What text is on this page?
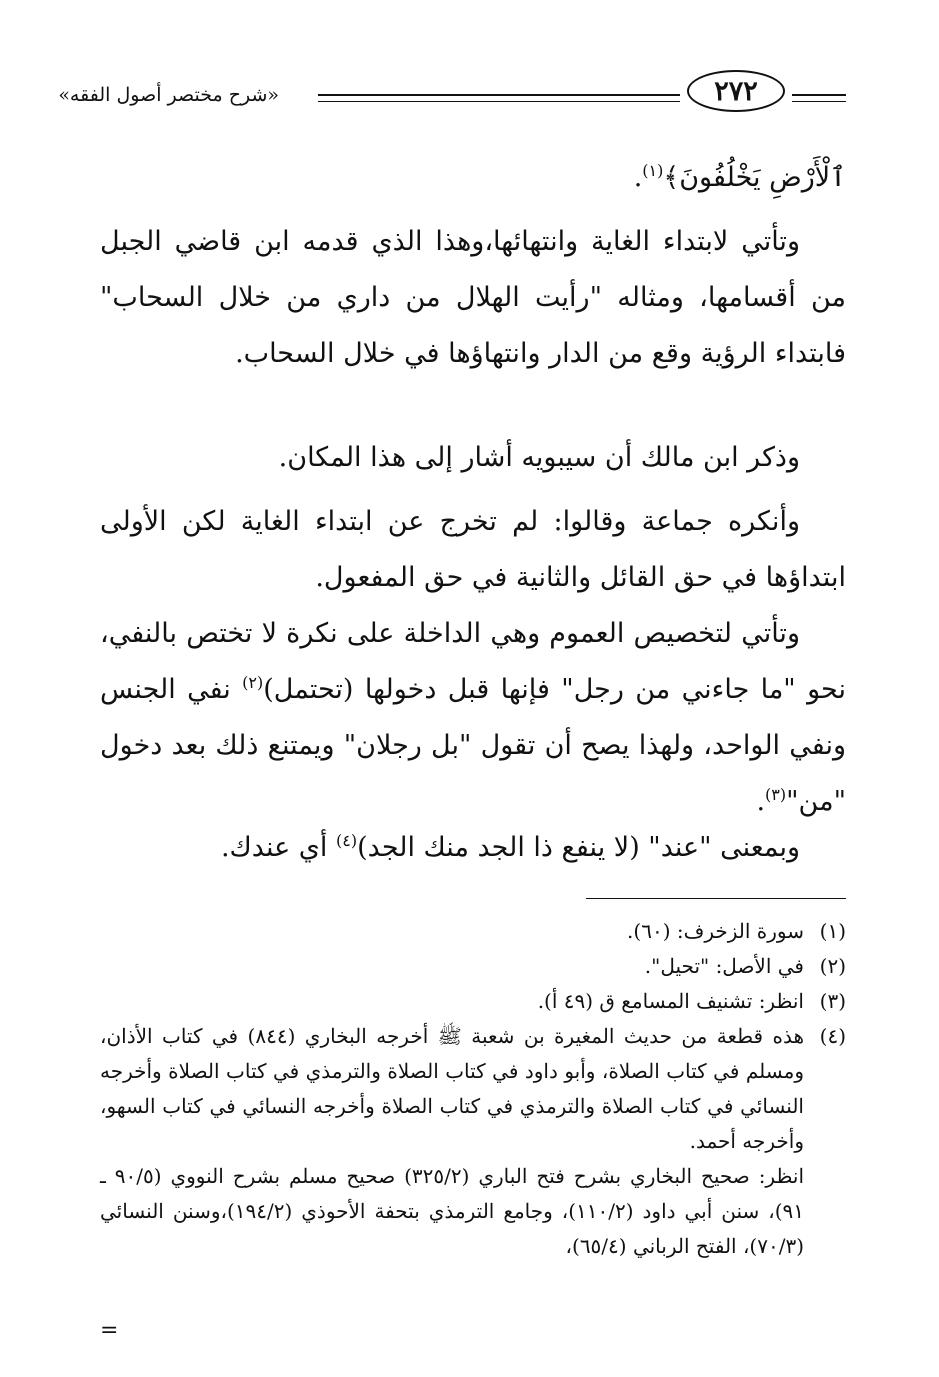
«شرح مختصر أصول الفقه»	٢٧٢

ٱلْأَرْضِ يَخْلُفُونَ﴾$^{(١)}$.

وتأتي لابتداء الغاية وانتهائها،وهذا الذي قدمه ابن قاضي الجبل من أقسامها، ومثاله "رأيت الهلال من داري من خلال السحاب" فابتداء الرؤية وقع من الدار وانتهاؤها في خلال السحاب.

وذكر ابن مالك أن سيبويه أشار إلى هذا المكان.

وأنكره جماعة وقالوا: لم تخرج عن ابتداء الغاية لكن الأولى ابتداؤها في حق القائل والثانية في حق المفعول.

وتأتي لتخصيص العموم وهي الداخلة على نكرة لا تختص بالنفي، نحو "ما جاءني من رجل" فإنها قبل دخولها (تحتمل)$^{(٢)}$ نفي الجنس ونفي الواحد، ولهذا يصح أن تقول "بل رجلان" ويمتنع ذلك بعد دخول "من"$^{(٣)}$.

وبمعنى "عند" (لا ينفع ذا الجد منك الجد)$^{(٤)}$ أي عندك.

(١)
سورة الزخرف: (٦٠).

(٢)
في الأصل: "تحيل".

(٣)
انظر: تشنيف المسامع ق (٤٩ أ).

(٤)
هذه قطعة من حديث المغيرة بن شعبة ﷺ أخرجه البخاري (٨٤٤) في كتاب الأذان، ومسلم في كتاب الصلاة، وأبو داود في كتاب الصلاة والترمذي في كتاب الصلاة وأخرجه النسائي في كتاب الصلاة والترمذي في كتاب الصلاة وأخرجه النسائي في كتاب السهو، وأخرجه أحمد.

انظر: صحيح البخاري بشرح فتح الباري (٣٢٥/٢) صحيح مسلم بشرح النووي (٩٠/٥ ـ ٩١)، سنن أبي داود (١١٠/٢)، وجامع الترمذي بتحفة الأحوذي (١٩٤/٢)،وسنن النسائي (٧٠/٣)، الفتح الرباني (٦٥/٤)،

=
